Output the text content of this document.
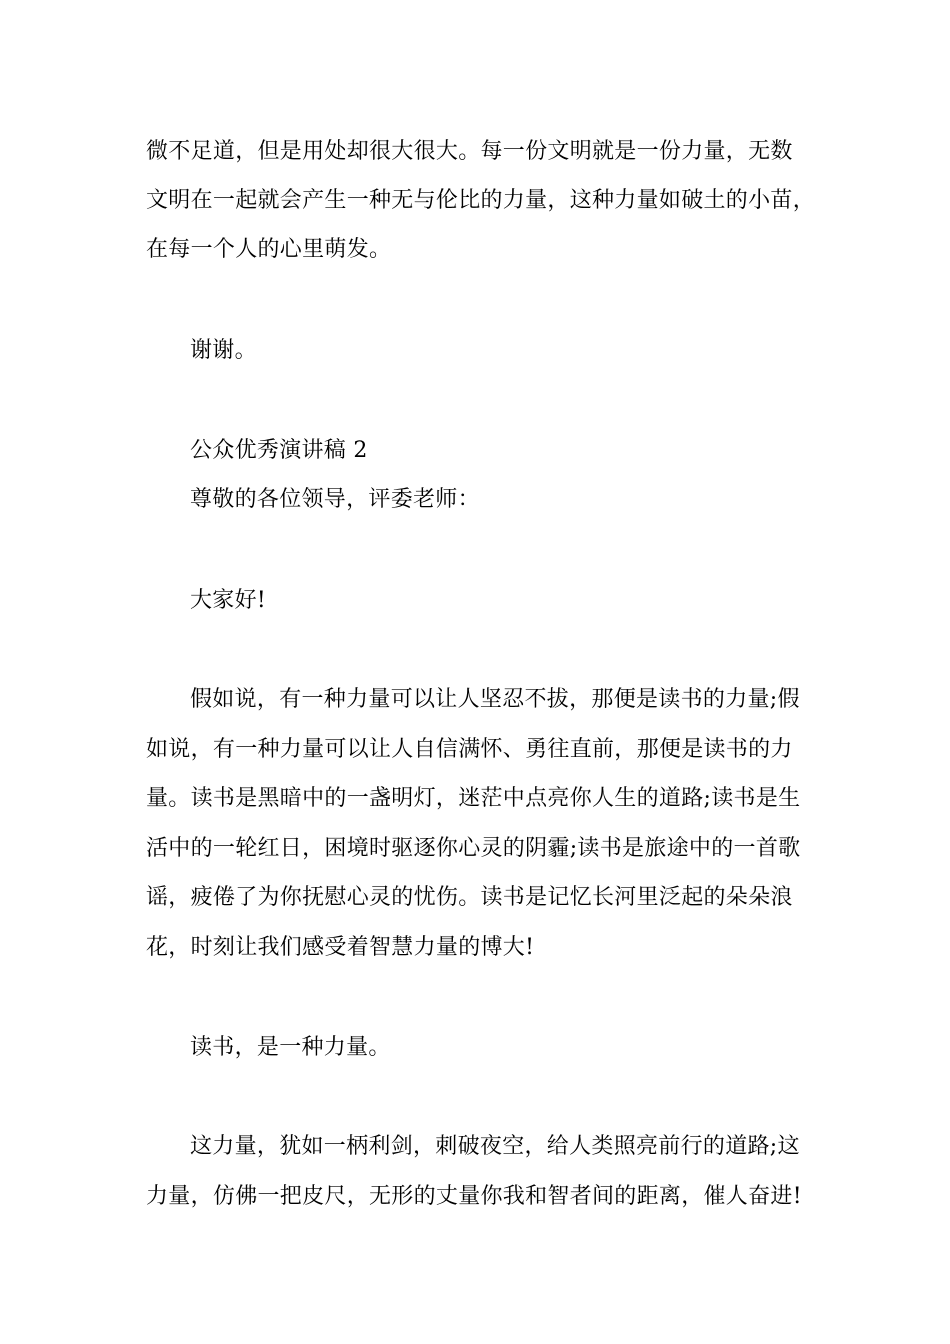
微不足道，但是用处却很大很大。每一份文明就是一份力量，无数
文明在一起就会产生一种无与伦比的力量，这种力量如破土的小苗，
在每一个人的心里萌发。
谢谢。
公众优秀演讲稿 2
尊敬的各位领导，评委老师：
大家好!
假如说，有一种力量可以让人坚忍不拔，那便是读书的力量;假
如说，有一种力量可以让人自信满怀、勇往直前，那便是读书的力
量。读书是黑暗中的一盏明灯，迷茫中点亮你人生的道路;读书是生
活中的一轮红日，困境时驱逐你心灵的阴霾;读书是旅途中的一首歌
谣，疲倦了为你抚慰心灵的忧伤。读书是记忆长河里泛起的朵朵浪
花，时刻让我们感受着智慧力量的博大!
读书，是一种力量。
这力量，犹如一柄利剑，刺破夜空，给人类照亮前行的道路;这
力量，仿佛一把皮尺，无形的丈量你我和智者间的距离，催人奋进!
